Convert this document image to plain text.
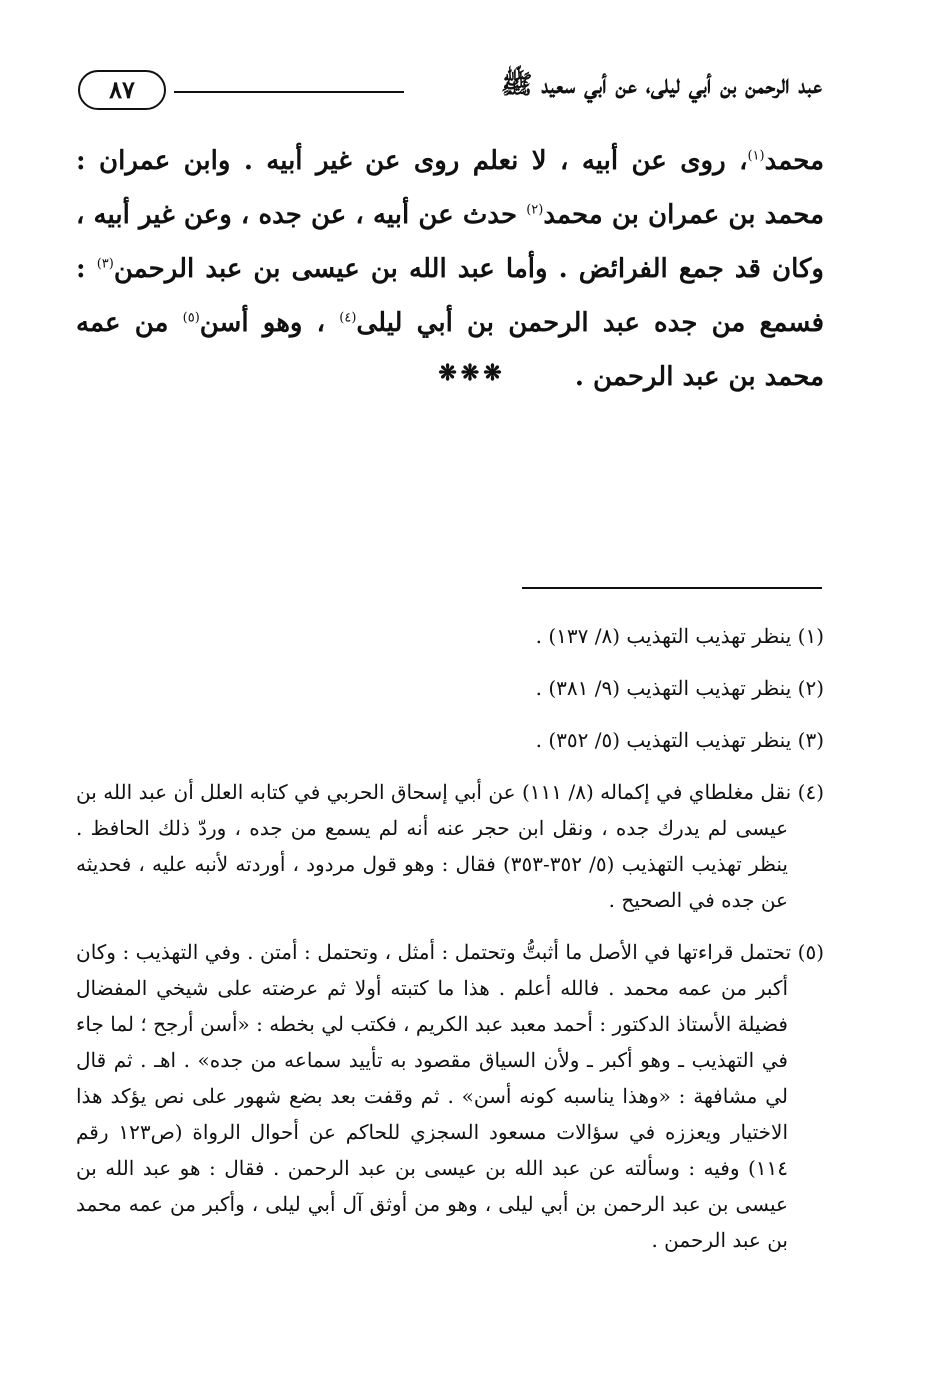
٨٧	عبد الرحمن بن أبي ليلى، عن أبي سعيد ﷺ
محمد$^{(١)}$، روى عن أبيه ، لا نعلم روى عن غير أبيه . وابن عمران : محمد بن عمران بن محمد$^{(٢)}$ حدث عن أبيه ، عن جده ، وعن غير أبيه ، وكان قد جمع الفرائض . وأما عبد الله بن عيسى بن عبد الرحمن$^{(٣)}$ : فسمع من جده عبد الرحمن بن أبي ليلى$^{(٤)}$ ، وهو أسن$^{(٥)}$ من عمه محمد بن عبد الرحمن .
❋❋❋

(١) ينظر تهذيب التهذيب (٨/ ١٣٧) .

(٢) ينظر تهذيب التهذيب (٩/ ٣٨١) .

(٣) ينظر تهذيب التهذيب (٥/ ٣٥٢) .

(٤) نقل مغلطاي في إكماله (٨/ ١١١) عن أبي إسحاق الحربي في كتابه العلل أن عبد الله بن عيسى لم يدرك جده ، ونقل ابن حجر عنه أنه لم يسمع من جده ، وردّ ذلك الحافظ . ينظر تهذيب التهذيب (٥/ ٣٥٢-٣٥٣) فقال : وهو قول مردود ، أوردته لأنبه عليه ، فحديثه عن جده في الصحيح .

(٥) تحتمل قراءتها في الأصل ما أثبتُّ وتحتمل : أمثل ، وتحتمل : أمتن . وفي التهذيب : وكان أكبر من عمه محمد . فالله أعلم . هذا ما كتبته أولا ثم عرضته على شيخي المفضال فضيلة الأستاذ الدكتور : أحمد معبد عبد الكريم ، فكتب لي بخطه : «أسن أرجح ؛ لما جاء في التهذيب ـ وهو أكبر ـ ولأن السياق مقصود به تأييد سماعه من جده» . اهـ . ثم قال لي مشافهة : «وهذا يناسبه كونه أسن» . ثم وقفت بعد بضع شهور على نص يؤكد هذا الاختيار ويعززه في سؤالات مسعود السجزي للحاكم عن أحوال الرواة (ص١٢٣ رقم ١١٤) وفيه : وسألته عن عبد الله بن عيسى بن عبد الرحمن . فقال : هو عبد الله بن عيسى بن عبد الرحمن بن أبي ليلى ، وهو من أوثق آل أبي ليلى ، وأكبر من عمه محمد بن عبد الرحمن .
